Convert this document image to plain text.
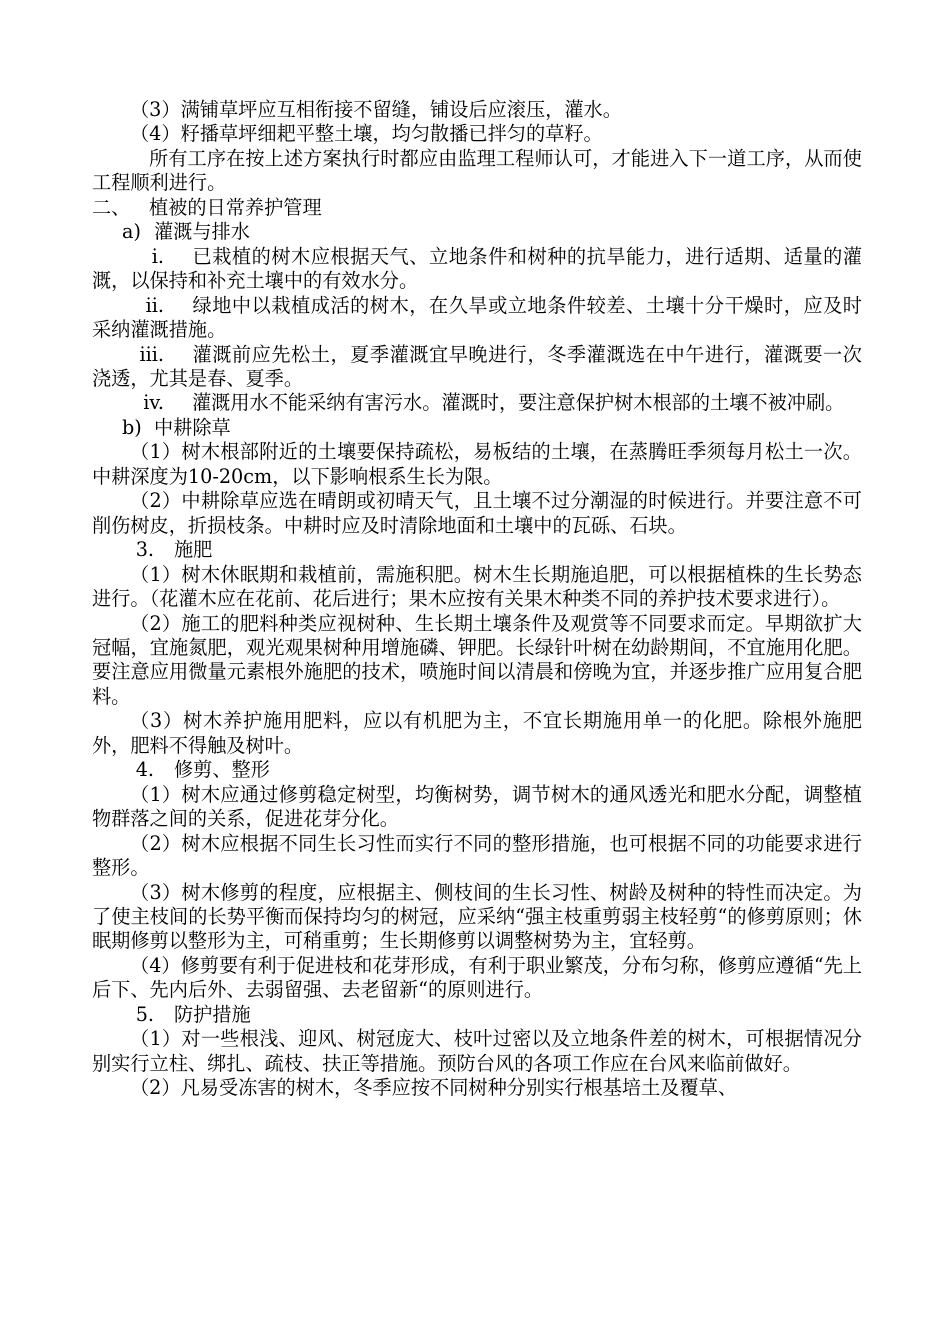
（3）满铺草坪应互相衔接不留缝，铺设后应滚压，灌水。

（4）籽播草坪细耙平整土壤，均匀散播已拌匀的草籽。

所有工序在按上述方案执行时都应由监理工程师认可，才能进入下一道工序，从而使工程顺利进行。

二、 植被的日常养护管理

a) 灌溉与排水

i. 已栽植的树木应根据天气、立地条件和树种的抗旱能力，进行适期、适量的灌溉，以保持和补充土壤中的有效水分。

ii. 绿地中以栽植成活的树木，在久旱或立地条件较差、土壤十分干燥时，应及时采纳灌溉措施。

iii. 灌溉前应先松土，夏季灌溉宜早晚进行，冬季灌溉选在中午进行，灌溉要一次浇透，尤其是春、夏季。

iv. 灌溉用水不能采纳有害污水。灌溉时，要注意保护树木根部的土壤不被冲刷。

b) 中耕除草

（1）树木根部附近的土壤要保持疏松，易板结的土壤，在蒸腾旺季须每月松土一次。中耕深度为10-20cm，以下影响根系生长为限。

（2）中耕除草应选在晴朗或初晴天气，且土壤不过分潮湿的时候进行。并要注意不可削伤树皮，折损枝条。中耕时应及时清除地面和土壤中的瓦砾、石块。

3. 施肥

（1）树木休眠期和栽植前，需施积肥。树木生长期施追肥，可以根据植株的生长势态进行。（花灌木应在花前、花后进行；果木应按有关果木种类不同的养护技术要求进行）。

（2）施工的肥料种类应视树种、生长期土壤条件及观赏等不同要求而定。早期欲扩大冠幅，宜施氮肥，观光观果树种用增施磷、钾肥。长绿针叶树在幼龄期间，不宜施用化肥。要注意应用微量元素根外施肥的技术，喷施时间以清晨和傍晚为宜，并逐步推广应用复合肥料。

（3）树木养护施用肥料，应以有机肥为主，不宜长期施用单一的化肥。除根外施肥外，肥料不得触及树叶。

4. 修剪、整形

（1）树木应通过修剪稳定树型，均衡树势，调节树木的通风透光和肥水分配，调整植物群落之间的关系，促进花芽分化。

（2）树木应根据不同生长习性而实行不同的整形措施，也可根据不同的功能要求进行整形。

（3）树木修剪的程度，应根据主、侧枝间的生长习性、树龄及树种的特性而决定。为了使主枝间的长势平衡而保持均匀的树冠，应采纳“强主枝重剪弱主枝轻剪“的修剪原则；休眠期修剪以整形为主，可稍重剪；生长期修剪以调整树势为主，宜轻剪。

（4）修剪要有利于促进枝和花芽形成，有利于职业繁茂，分布匀称，修剪应遵循“先上后下、先内后外、去弱留强、去老留新“的原则进行。

5. 防护措施

（1）对一些根浅、迎风、树冠庞大、枝叶过密以及立地条件差的树木，可根据情况分别实行立柱、绑扎、疏枝、扶正等措施。预防台风的各项工作应在台风来临前做好。

（2）凡易受冻害的树木，冬季应按不同树种分别实行根基培土及覆草、
